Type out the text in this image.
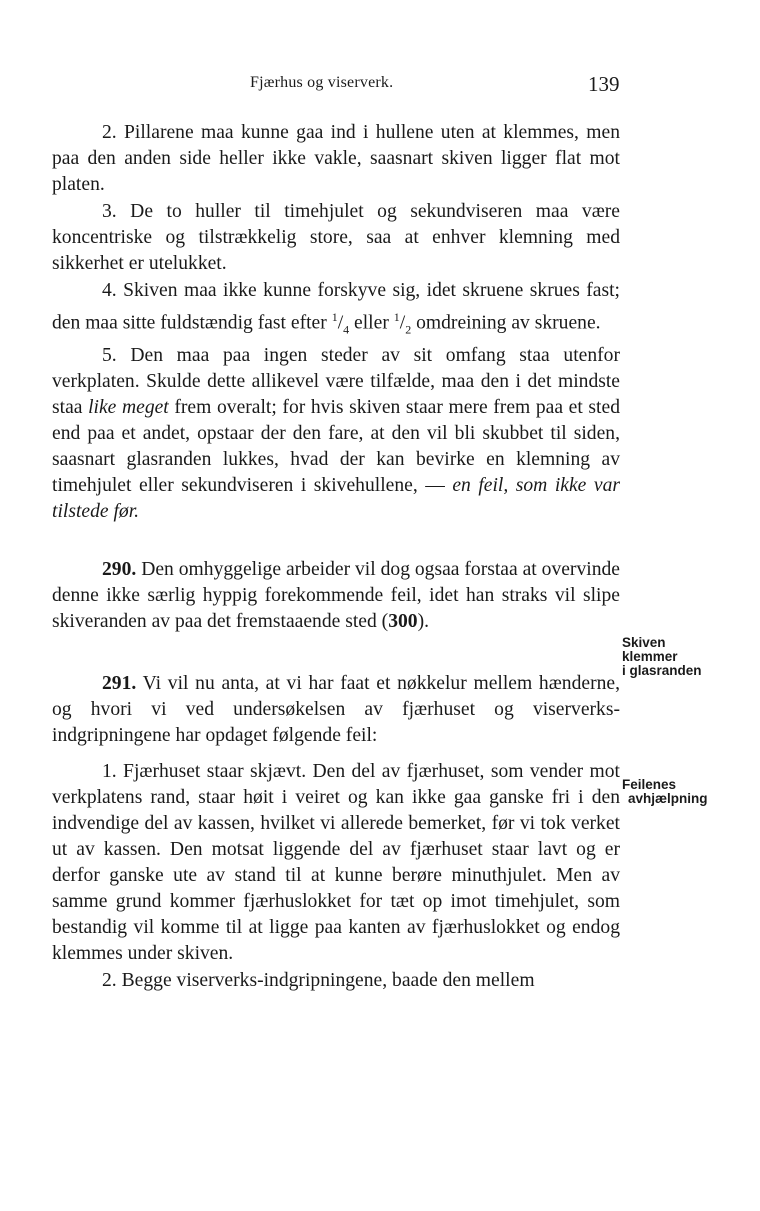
Fjærhus og viserverk.	139

2. Pillarene maa kunne gaa ind i hullene uten at klemmes, men paa den anden side heller ikke vakle, saasnart skiven ligger flat mot platen.

3. De to huller til timehjulet og sekundviseren maa være koncentriske og tilstrækkelig store, saa at enhver klemning med sikkerhet er utelukket.

4. Skiven maa ikke kunne forskyve sig, idet skruene skrues fast; den maa sitte fuldstændig fast efter $^1/_4$ eller $^1/_2$ omdreining av skruene.

5. Den maa paa ingen steder av sit omfang staa utenfor verkplaten. Skulde dette allikevel være tilfælde, maa den i det mindste staa like meget frem overalt; for hvis skiven staar mere frem paa et sted end paa et andet, opstaar der den fare, at den vil bli skubbet til siden, saasnart glasranden lukkes, hvad der kan bevirke en klemning av timehjulet eller sekundviseren i skivehullene, — en feil, som ikke var tilstede før.

290. Den omhyggelige arbeider vil dog ogsaa forstaa at overvinde denne ikke særlig hyppig forekommende feil, idet han straks vil slipe skiveranden av paa det fremstaaende sted (300).

291. Vi vil nu anta, at vi har faat et nøkkelur mellem hænderne, og hvori vi ved undersøkelsen av fjærhuset og viserverks-indgripningene har opdaget følgende feil:

1. Fjærhuset staar skjævt. Den del av fjærhuset, som vender mot verkplatens rand, staar høit i veiret og kan ikke gaa ganske fri i den indvendige del av kassen, hvilket vi allerede bemerket, før vi tok verket ut av kassen. Den motsat liggende del av fjærhuset staar lavt og er derfor ganske ute av stand til at kunne berøre minuthjulet. Men av samme grund kommer fjærhuslokket for tæt op imot timehjulet, som bestandig vil komme til at ligge paa kanten av fjærhuslokket og endog klemmes under skiven.

2. Begge viserverks-indgripningene, baade den mellem

Skiven
klemmer
i glasranden
Feilenes
avhjælpning
